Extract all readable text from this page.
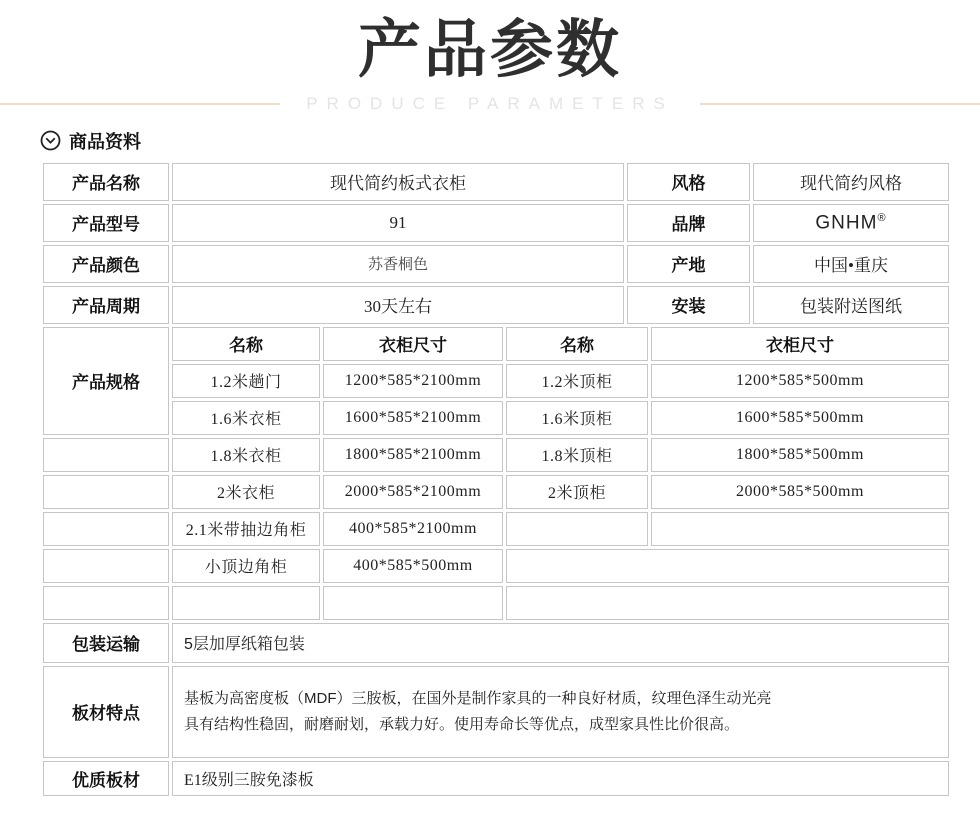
产品参数
PRODUCE PARAMETERS
商品资料
产品名称	现代简约板式衣柜	风格	现代简约风格
产品型号	91	品牌	GNHM®
产品颜色	苏香桐色	产地	中国•重庆
产品周期	30天左右	安装	包装附送图纸
产品规格	名称	衣柜尺寸	名称	衣柜尺寸
	1.2米趟门	1200*585*2100mm	1.2米顶柜	1200*585*500mm
	1.6米衣柜	1600*585*2100mm	1.6米顶柜	1600*585*500mm
	1.8米衣柜	1800*585*2100mm	1.8米顶柜	1800*585*500mm
	2米衣柜	2000*585*2100mm	2米顶柜	2000*585*500mm
	2.1米带抽边角柜	400*585*2100mm		
	小顶边角柜	400*585*500mm		

包装运输	5层加厚纸箱包装
板材特点	基板为高密度板（MDF）三胺板，在国外是制作家具的一种良好材质，纹理色泽生动光亮
具有结构性稳固，耐磨耐划，承载力好。使用寿命长等优点，成型家具性比价很高。

优质板材	E1级别三胺免漆板
